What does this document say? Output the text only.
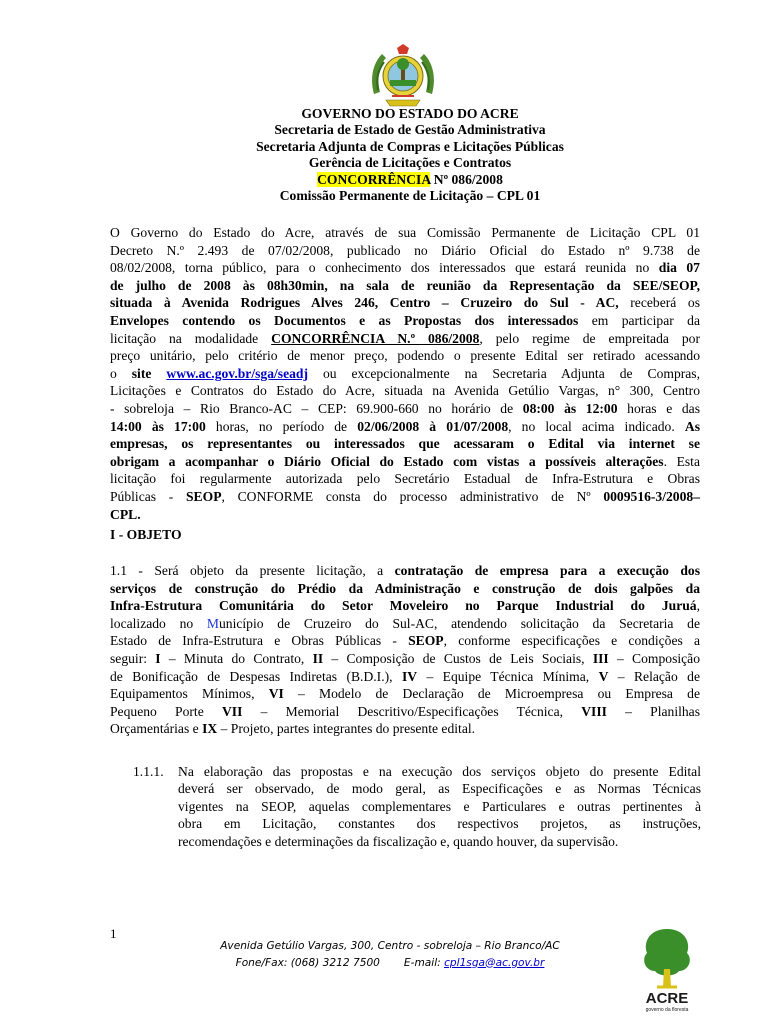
GOVERNO DO ESTADO DO ACRE
Secretaria de Estado de Gestão Administrativa
Secretaria Adjunta de Compras e Licitações Públicas
Gerência de Licitações e Contratos
CONCORRÊNCIA Nº 086/2008
Comissão Permanente de Licitação – CPL 01
O Governo do Estado do Acre, através de sua Comissão Permanente de Licitação CPL 01
Decreto N.º 2.493 de 07/02/2008, publicado no Diário Oficial do Estado nº 9.738 de
08/02/2008, torna público, para o conhecimento dos interessados que estará reunida no dia 07
de julho de 2008 às 08h30min, na sala de reunião da Representação da SEE/SEOP,
situada à Avenida Rodrigues Alves 246, Centro – Cruzeiro do Sul - AC, receberá os
Envelopes contendo os Documentos e as Propostas dos interessados em participar da
licitação na modalidade CONCORRÊNCIA N.º 086/2008, pelo regime de empreitada por
preço unitário, pelo critério de menor preço, podendo o presente Edital ser retirado acessando
o site www.ac.gov.br/sga/seadj ou excepcionalmente na Secretaria Adjunta de Compras,
Licitações e Contratos do Estado do Acre, situada na Avenida Getúlio Vargas, n° 300, Centro
- sobreloja – Rio Branco-AC – CEP: 69.900-660 no horário de 08:00 às 12:00 horas e das
14:00 às 17:00 horas, no período de 02/06/2008 à 01/07/2008, no local acima indicado. As
empresas, os representantes ou interessados que acessaram o Edital via internet se
obrigam a acompanhar o Diário Oficial do Estado com vistas a possíveis alterações. Esta
licitação foi regularmente autorizada pelo Secretário Estadual de Infra-Estrutura e Obras
Públicas - SEOP, CONFORME consta do processo administrativo de Nº 0009516-3/2008–
CPL.
I - OBJETO
1.1 - Será objeto da presente licitação, a contratação de empresa para a execução dos
serviços de construção do Prédio da Administração e construção de dois galpões da
Infra-Estrutura Comunitária do Setor Moveleiro no Parque Industrial do Juruá,
localizado no Município de Cruzeiro do Sul-AC, atendendo solicitação da Secretaria de
Estado de Infra-Estrutura e Obras Públicas - SEOP, conforme especificações e condições a
seguir: I – Minuta do Contrato, II – Composição de Custos de Leis Sociais, III – Composição
de Bonificação de Despesas Indiretas (B.D.I.), IV – Equipe Técnica Mínima, V – Relação de
Equipamentos Mínimos, VI – Modelo de Declaração de Microempresa ou Empresa de
Pequeno Porte VII – Memorial Descritivo/Especificações Técnica, VIII – Planilhas
Orçamentárias e IX – Projeto, partes integrantes do presente edital.
1.1.1. Na elaboração das propostas e na execução dos serviços objeto do presente Edital
deverá ser observado, de modo geral, as Especificações e as Normas Técnicas
vigentes na SEOP, aquelas complementares e Particulares e outras pertinentes à
obra em Licitação, constantes dos respectivos projetos, as instruções,
recomendações e determinações da fiscalização e, quando houver, da supervisão.
1
Avenida Getúlio Vargas, 300, Centro - sobreloja – Rio Branco/AC
Fone/Fax: (068) 3212 7500 E-mail: cpl1sga@ac.gov.br
ACRE
governo da floresta
